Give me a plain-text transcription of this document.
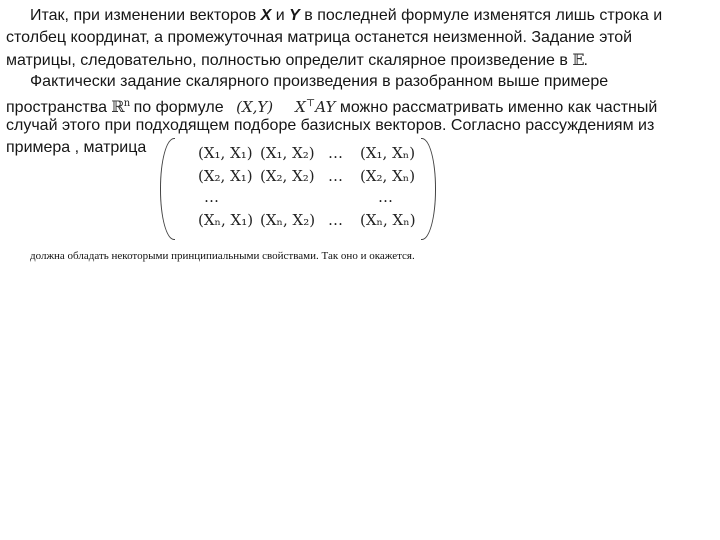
Итак, при изменении векторов X и Y в последней формуле изменятся лишь строка и
столбец координат, а промежуточная матрица останется неизменной. Задание этой
матрицы, следовательно, полностью определит скалярное произведение в 𝔼.
Фактически задание скалярного произведения в разобранном выше примере
пространства ℝ$^n$ по формуле (X,Y) X⊤AY можно рассматривать именно как частный
случай этого при подходящем подборе базисных векторов. Согласно рассуждениям из
примера , матрица	(X₁, X₁) (X₁, X₂) … (X₁, Xₙ)
(X₂, X₁) (X₂, X₂) … (X₂, Xₙ)
…	…
(Xₙ, X₁) (Xₙ, X₂) … (Xₙ, Xₙ)
должна обладать некоторыми принципиальными свойствами. Так оно и окажется.
